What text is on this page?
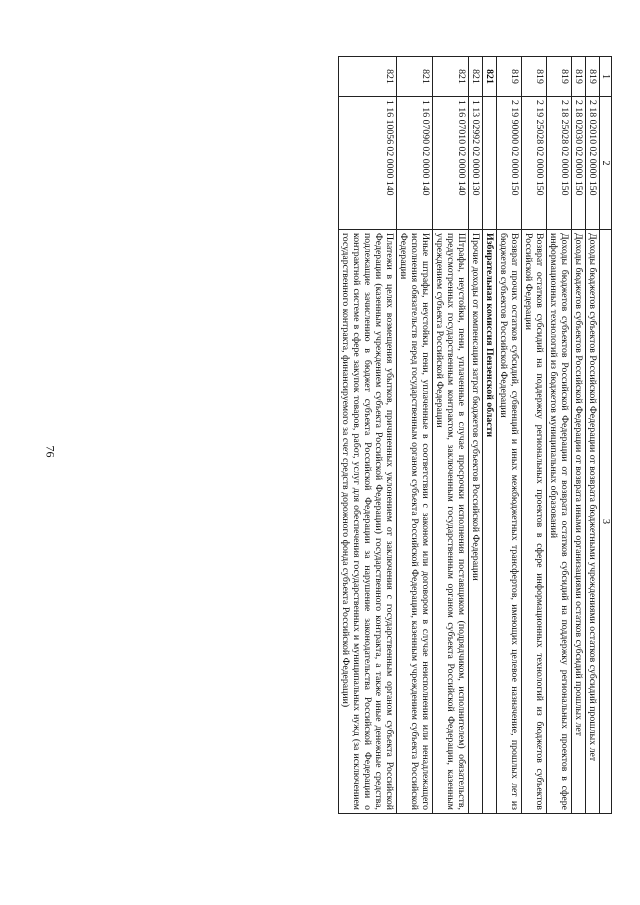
76
1	2	3
819	2 18 02010 02 0000 150	Доходы бюджетов субъектов Российской Федерации от возврата бюджетными учреждениями остатков субсидий прошлых лет
819	2 18 02030 02 0000 150	Доходы бюджетов субъектов Российской Федерации от возврата иными организациями остатков субсидий прошлых лет
819	2 18 25028 02 0000 150	Доходы бюджетов субъектов Российской Федерации от возврата остатков субсидий на поддержку региональных проектов в сфере информационных технологий из бюджетов муниципальных образований
819	2 19 25028 02 0000 150	Возврат остатков субсидий на поддержку региональных проектов в сфере информационных технологий из бюджетов субъектов Российской Федерации
819	2 19 90000 02 0000 150	Возврат прочих остатков субсидий, субвенций и иных межбюджетных трансфертов, имеющих целевое назначение, прошлых лет из бюджетов субъектов Российской Федерации
821		Избирательная комиссия Пензенской области
821	1 13 02992 02 0000 130	Прочие доходы от компенсации затрат бюджетов субъектов Российской Федерации
821	1 16 07010 02 0000 140	Штрафы, неустойки, пени, уплаченные в случае просрочки исполнения поставщиком (подрядчиком, исполнителем) обязательств, предусмотренных государственным контрактом, заключенным государственным органом субъекта Российской Федерации, казенным учреждением субъекта Российской Федерации
821	1 16 07090 02 0000 140	Иные штрафы, неустойки, пени, уплаченные в соответствии с законом или договором в случае неисполнения или ненадлежащего исполнения обязательств перед государственным органом субъекта Российской Федерации, казенным учреждением субъекта Российской Федерации
821	1 16 10056 02 0000 140	Платежи в целях возмещения убытков, причиненных уклонением от заключения с государственным органом субъекта Российской Федерации (казенным учреждением субъекта Российской Федерации) государственного контракта, а также иные денежные средства, подлежащие зачислению в бюджет субъекта Российской Федерации за нарушение законодательства Российской Федерации о контрактной системе в сфере закупок товаров, работ, услуг для обеспечения государственных и муниципальных нужд (за исключением государственного контракта, финансируемого за счет средств дорожного фонда субъекта Российской Федерации)
